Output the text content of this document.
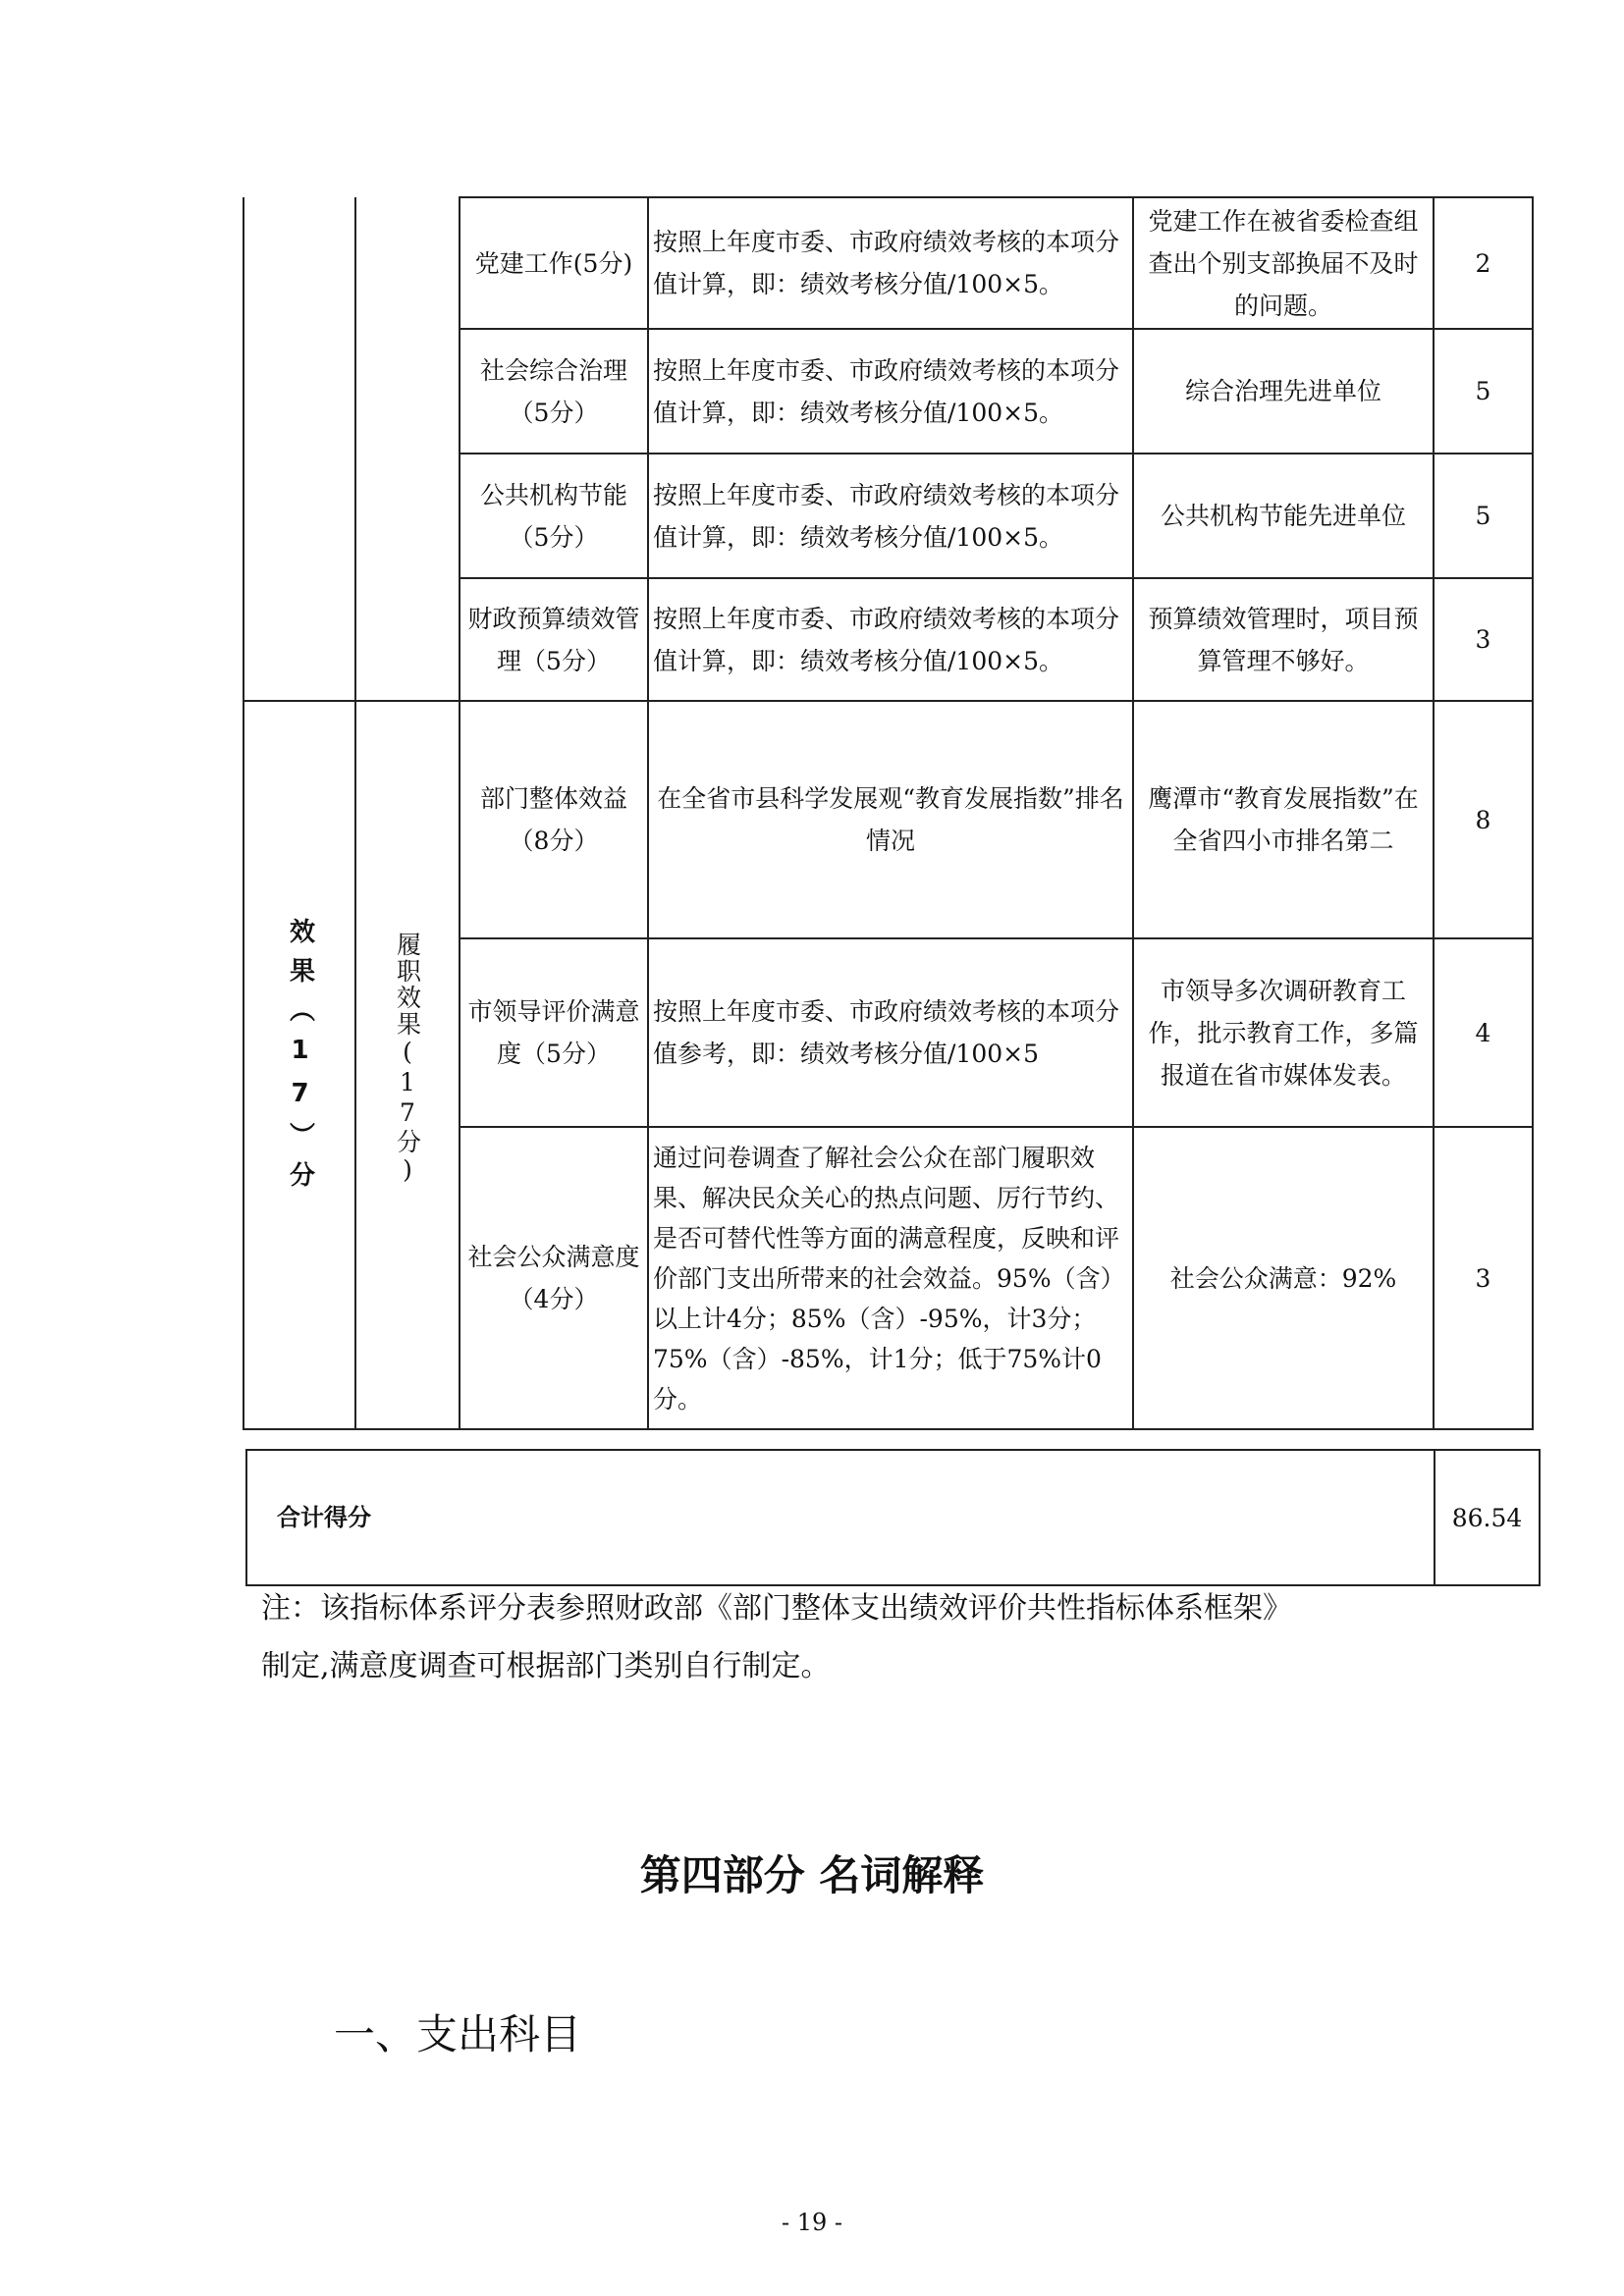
		党建工作(5分)	按照上年度市委、市政府绩效考核的本项分值计算，即：绩效考核分值/100×5。	党建工作在被省委检查组查出个别支部换届不及时的问题。	2
		社会综合治理（5分）	按照上年度市委、市政府绩效考核的本项分值计算，即：绩效考核分值/100×5。	综合治理先进单位	5
		公共机构节能（5分）	按照上年度市委、市政府绩效考核的本项分值计算，即：绩效考核分值/100×5。	公共机构节能先进单位	5
		财政预算绩效管理（5分）	按照上年度市委、市政府绩效考核的本项分值计算，即：绩效考核分值/100×5。	预算绩效管理时，项目预算管理不够好。	3
效果（17）分	履职效果(17分)	部门整体效益（8分）	在全省市县科学发展观“教育发展指数”排名情况	鹰潭市“教育发展指数”在全省四小市排名第二	8
		市领导评价满意度（5分）	按照上年度市委、市政府绩效考核的本项分值参考，即：绩效考核分值/100×5	市领导多次调研教育工作，批示教育工作，多篇报道在省市媒体发表。	4
		社会公众满意度（4分）	通过问卷调查了解社会公众在部门履职效果、解决民众关心的热点问题、厉行节约、是否可替代性等方面的满意程度，反映和评价部门支出所带来的社会效益。95%（含）以上计4分；85%（含）-95%，计3分；75%（含）-85%，计1分；低于75%计0分。	社会公众满意：92%	3
合计得分	86.54
注：该指标体系评分表参照财政部《部门整体支出绩效评价共性指标体系框架》
制定,满意度调查可根据部门类别自行制定。
第四部分 名词解释
一、支出科目
- 19 -
